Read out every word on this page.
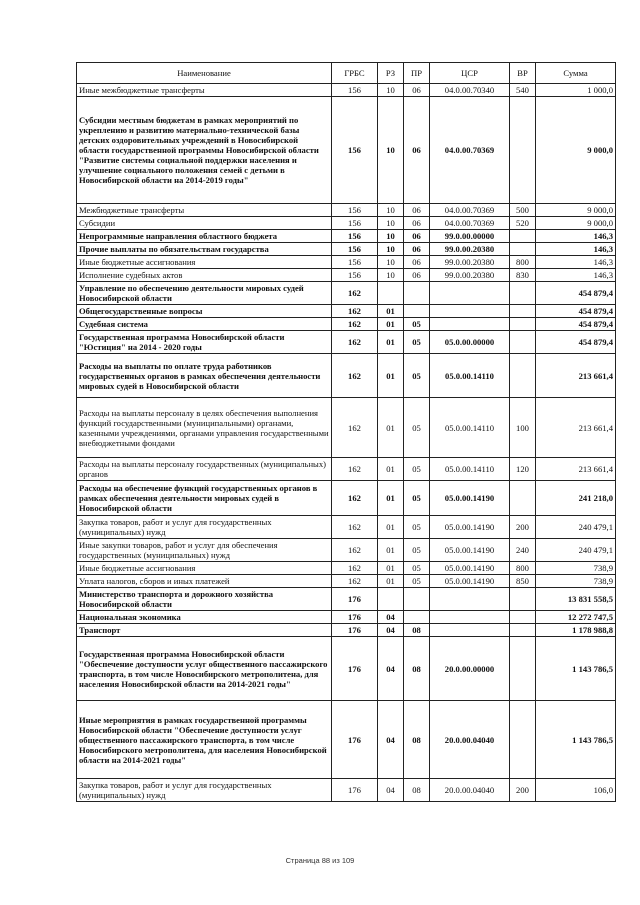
Наименование	ГРБС	РЗ	ПР	ЦСР	ВР	Сумма
Иные межбюджетные трансферты	156	10	06	04.0.00.70340	540	1 000,0
Субсидии местным бюджетам в рамках мероприятий по укреплению и развитию материально-технической базы детских оздоровительных учреждений в Новосибирской области государственной программы Новосибирской области "Развитие системы социальной поддержки населения и улучшение социального положения семей с детьми в Новосибирской области на 2014-2019 годы"	156	10	06	04.0.00.70369		9 000,0
Межбюджетные трансферты	156	10	06	04.0.00.70369	500	9 000,0
Субсидии	156	10	06	04.0.00.70369	520	9 000,0
Непрограммные направления областного бюджета	156	10	06	99.0.00.00000		146,3
Прочие выплаты по обязательствам государства	156	10	06	99.0.00.20380		146,3
Иные бюджетные ассигнования	156	10	06	99.0.00.20380	800	146,3
Исполнение судебных актов	156	10	06	99.0.00.20380	830	146,3
Управление по обеспечению деятельности мировых судей Новосибирской области	162					454 879,4
Общегосударственные вопросы	162	01				454 879,4
Судебная система	162	01	05			454 879,4
Государственная программа Новосибирской области "Юстиция" на 2014 - 2020 годы	162	01	05	05.0.00.00000		454 879,4
Расходы на выплаты по оплате труда работников государственных органов в рамках обеспечения деятельности мировых судей в Новосибирской области	162	01	05	05.0.00.14110		213 661,4
Расходы на выплаты персоналу в целях обеспечения выполнения функций государственными (муниципальными) органами, казенными учреждениями, органами управления государственными внебюджетными фондами	162	01	05	05.0.00.14110	100	213 661,4
Расходы на выплаты персоналу государственных (муниципальных) органов	162	01	05	05.0.00.14110	120	213 661,4
Расходы на обеспечение функций государственных органов в рамках обеспечения деятельности мировых судей в Новосибирской области	162	01	05	05.0.00.14190		241 218,0
Закупка товаров, работ и услуг для государственных (муниципальных) нужд	162	01	05	05.0.00.14190	200	240 479,1
Иные закупки товаров, работ и услуг для обеспечения государственных (муниципальных) нужд	162	01	05	05.0.00.14190	240	240 479,1
Иные бюджетные ассигнования	162	01	05	05.0.00.14190	800	738,9
Уплата налогов, сборов и иных платежей	162	01	05	05.0.00.14190	850	738,9
Министерство транспорта и дорожного хозяйства Новосибирской области	176					13 831 558,5
Национальная экономика	176	04				12 272 747,5
Транспорт	176	04	08			1 178 988,8
Государственная программа Новосибирской области "Обеспечение доступности услуг общественного пассажирского транспорта, в том числе Новосибирского метрополитена, для населения Новосибирской области на 2014-2021 годы"	176	04	08	20.0.00.00000		1 143 786,5
Иные мероприятия в рамках государственной программы Новосибирской области "Обеспечение доступности услуг общественного пассажирского транспорта, в том числе Новосибирского метрополитена, для населения Новосибирской области на 2014-2021 годы"	176	04	08	20.0.00.04040		1 143 786,5
Закупка товаров, работ и услуг для государственных (муниципальных) нужд	176	04	08	20.0.00.04040	200	106,0
Страница 88 из 109
